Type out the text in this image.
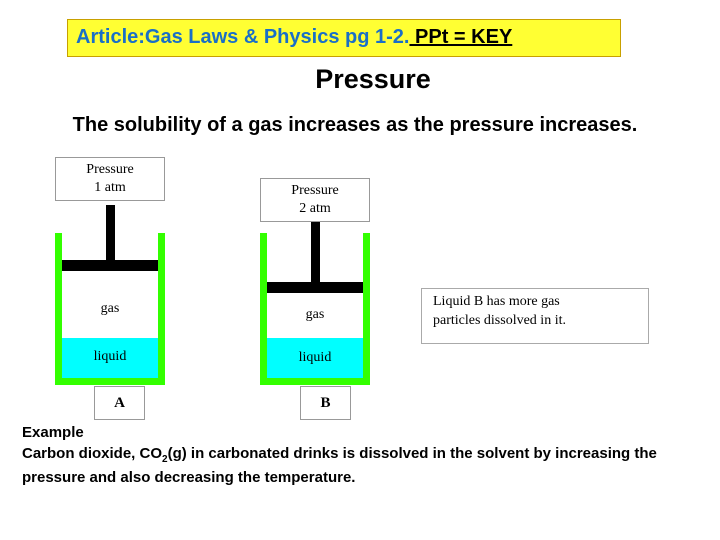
Article:Gas Laws & Physics pg 1-2. PPt = KEY
Pressure
The solubility of a gas increases as the pressure increases.
gas
liquid
gas
liquid
Pressure
1 atm	Pressure
2 atm
A	B
Liquid B has more gas
particles dissolved in it.
Example
Carbon dioxide, $CO_2(g)$ in carbonated drinks is dissolved in the solvent by increasing the pressure and also decreasing the temperature.
